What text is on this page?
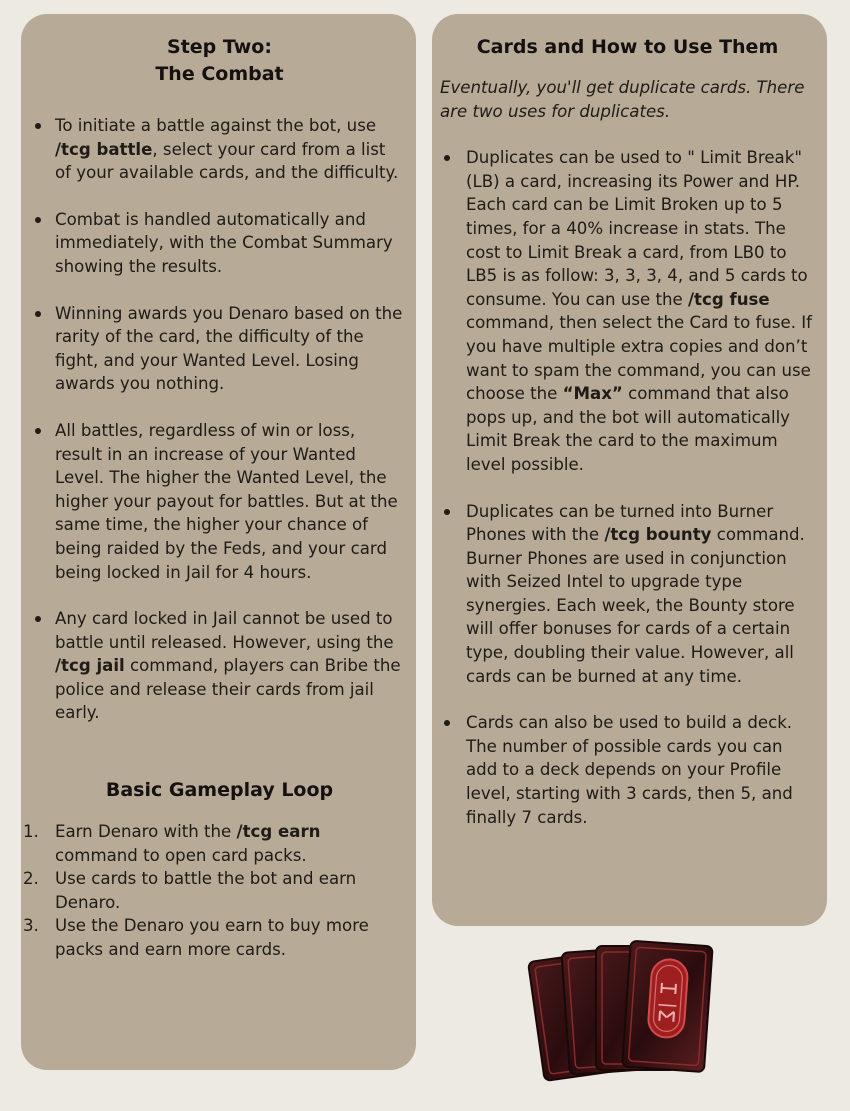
Step Two:
The Combat
To initiate a battle against the bot, use /tcg battle, select your card from a list of your available cards, and the difficulty.
Combat is handled automatically and immediately, with the Combat Summary showing the results.
Winning awards you Denaro based on the rarity of the card, the difficulty of the fight, and your Wanted Level. Losing awards you nothing.
All battles, regardless of win or loss, result in an increase of your Wanted Level. The higher the Wanted Level, the higher your payout for battles. But at the same time, the higher your chance of being raided by the Feds, and your card being locked in Jail for 4 hours.
Any card locked in Jail cannot be used to battle until released. However, using the /tcg jail command, players can Bribe the police and release their cards from jail early.
Basic Gameplay Loop
1. Earn Denaro with the /tcg earn command to open card packs.
2. Use cards to battle the bot and earn Denaro.
3. Use the Denaro you earn to buy more packs and earn more cards.
Cards and How to Use Them

Eventually, you'll get duplicate cards. There are two uses for duplicates.

Duplicates can be used to " Limit Break" (LB) a card, increasing its Power and HP. Each card can be Limit Broken up to 5 times, for a 40% increase in stats. The cost to Limit Break a card, from LB0 to LB5 is as follow: 3, 3, 3, 4, and 5 cards to consume. You can use the /tcg fuse command, then select the Card to fuse. If you have multiple extra copies and don’t want to spam the command, you can use choose the “Max” command that also pops up, and the bot will automatically Limit Break the card to the maximum level possible.
Duplicates can be turned into Burner Phones with the /tcg bounty command. Burner Phones are used in conjunction with Seized Intel to upgrade type synergies. Each week, the Bounty store will offer bonuses for cards of a certain type, doubling their value. However, all cards can be burned at any time.
Cards can also be used to build a deck. The number of possible cards you can add to a deck depends on your Profile level, starting with 3 cards, then 5, and finally 7 cards.
